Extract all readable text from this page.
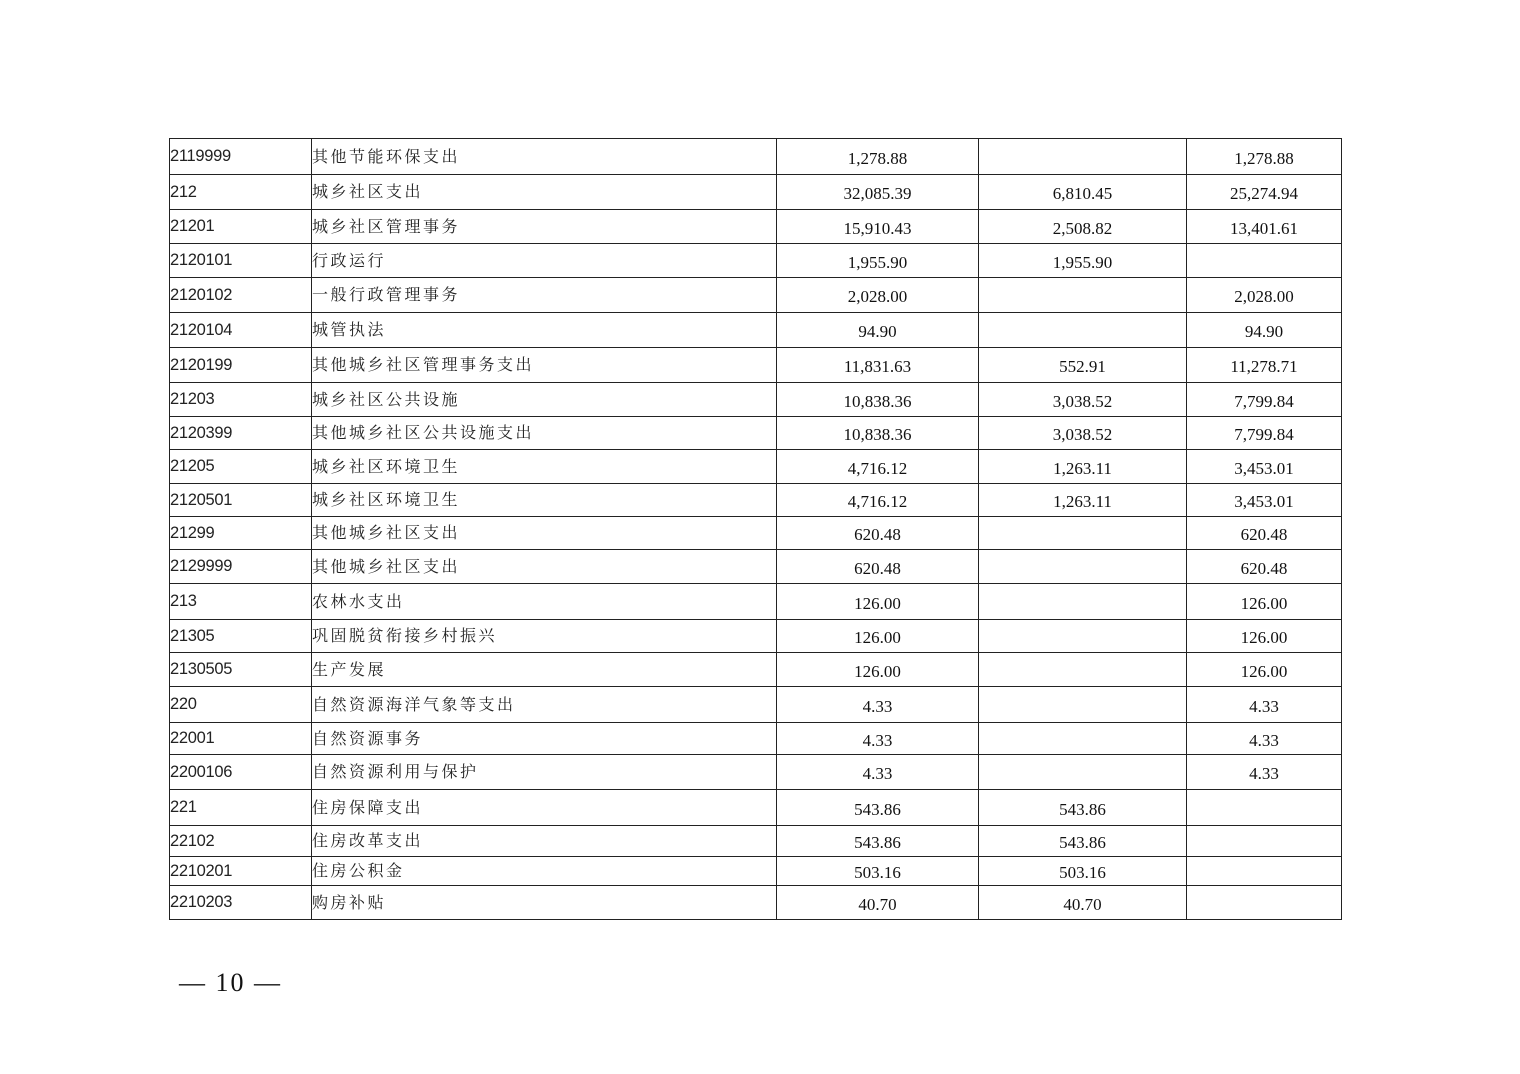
2119999	其他节能环保支出	1,278.88		1,278.88
212	城乡社区支出	32,085.39	6,810.45	25,274.94
21201	城乡社区管理事务	15,910.43	2,508.82	13,401.61
2120101	行政运行	1,955.90	1,955.90	
2120102	一般行政管理事务	2,028.00		2,028.00
2120104	城管执法	94.90		94.90
2120199	其他城乡社区管理事务支出	11,831.63	552.91	11,278.71
21203	城乡社区公共设施	10,838.36	3,038.52	7,799.84
2120399	其他城乡社区公共设施支出	10,838.36	3,038.52	7,799.84
21205	城乡社区环境卫生	4,716.12	1,263.11	3,453.01
2120501	城乡社区环境卫生	4,716.12	1,263.11	3,453.01
21299	其他城乡社区支出	620.48		620.48
2129999	其他城乡社区支出	620.48		620.48
213	农林水支出	126.00		126.00
21305	巩固脱贫衔接乡村振兴	126.00		126.00
2130505	生产发展	126.00		126.00
220	自然资源海洋气象等支出	4.33		4.33
22001	自然资源事务	4.33		4.33
2200106	自然资源利用与保护	4.33		4.33
221	住房保障支出	543.86	543.86	
22102	住房改革支出	543.86	543.86	
2210201	住房公积金	503.16	503.16	
2210203	购房补贴	40.70	40.70	
— 10 —
